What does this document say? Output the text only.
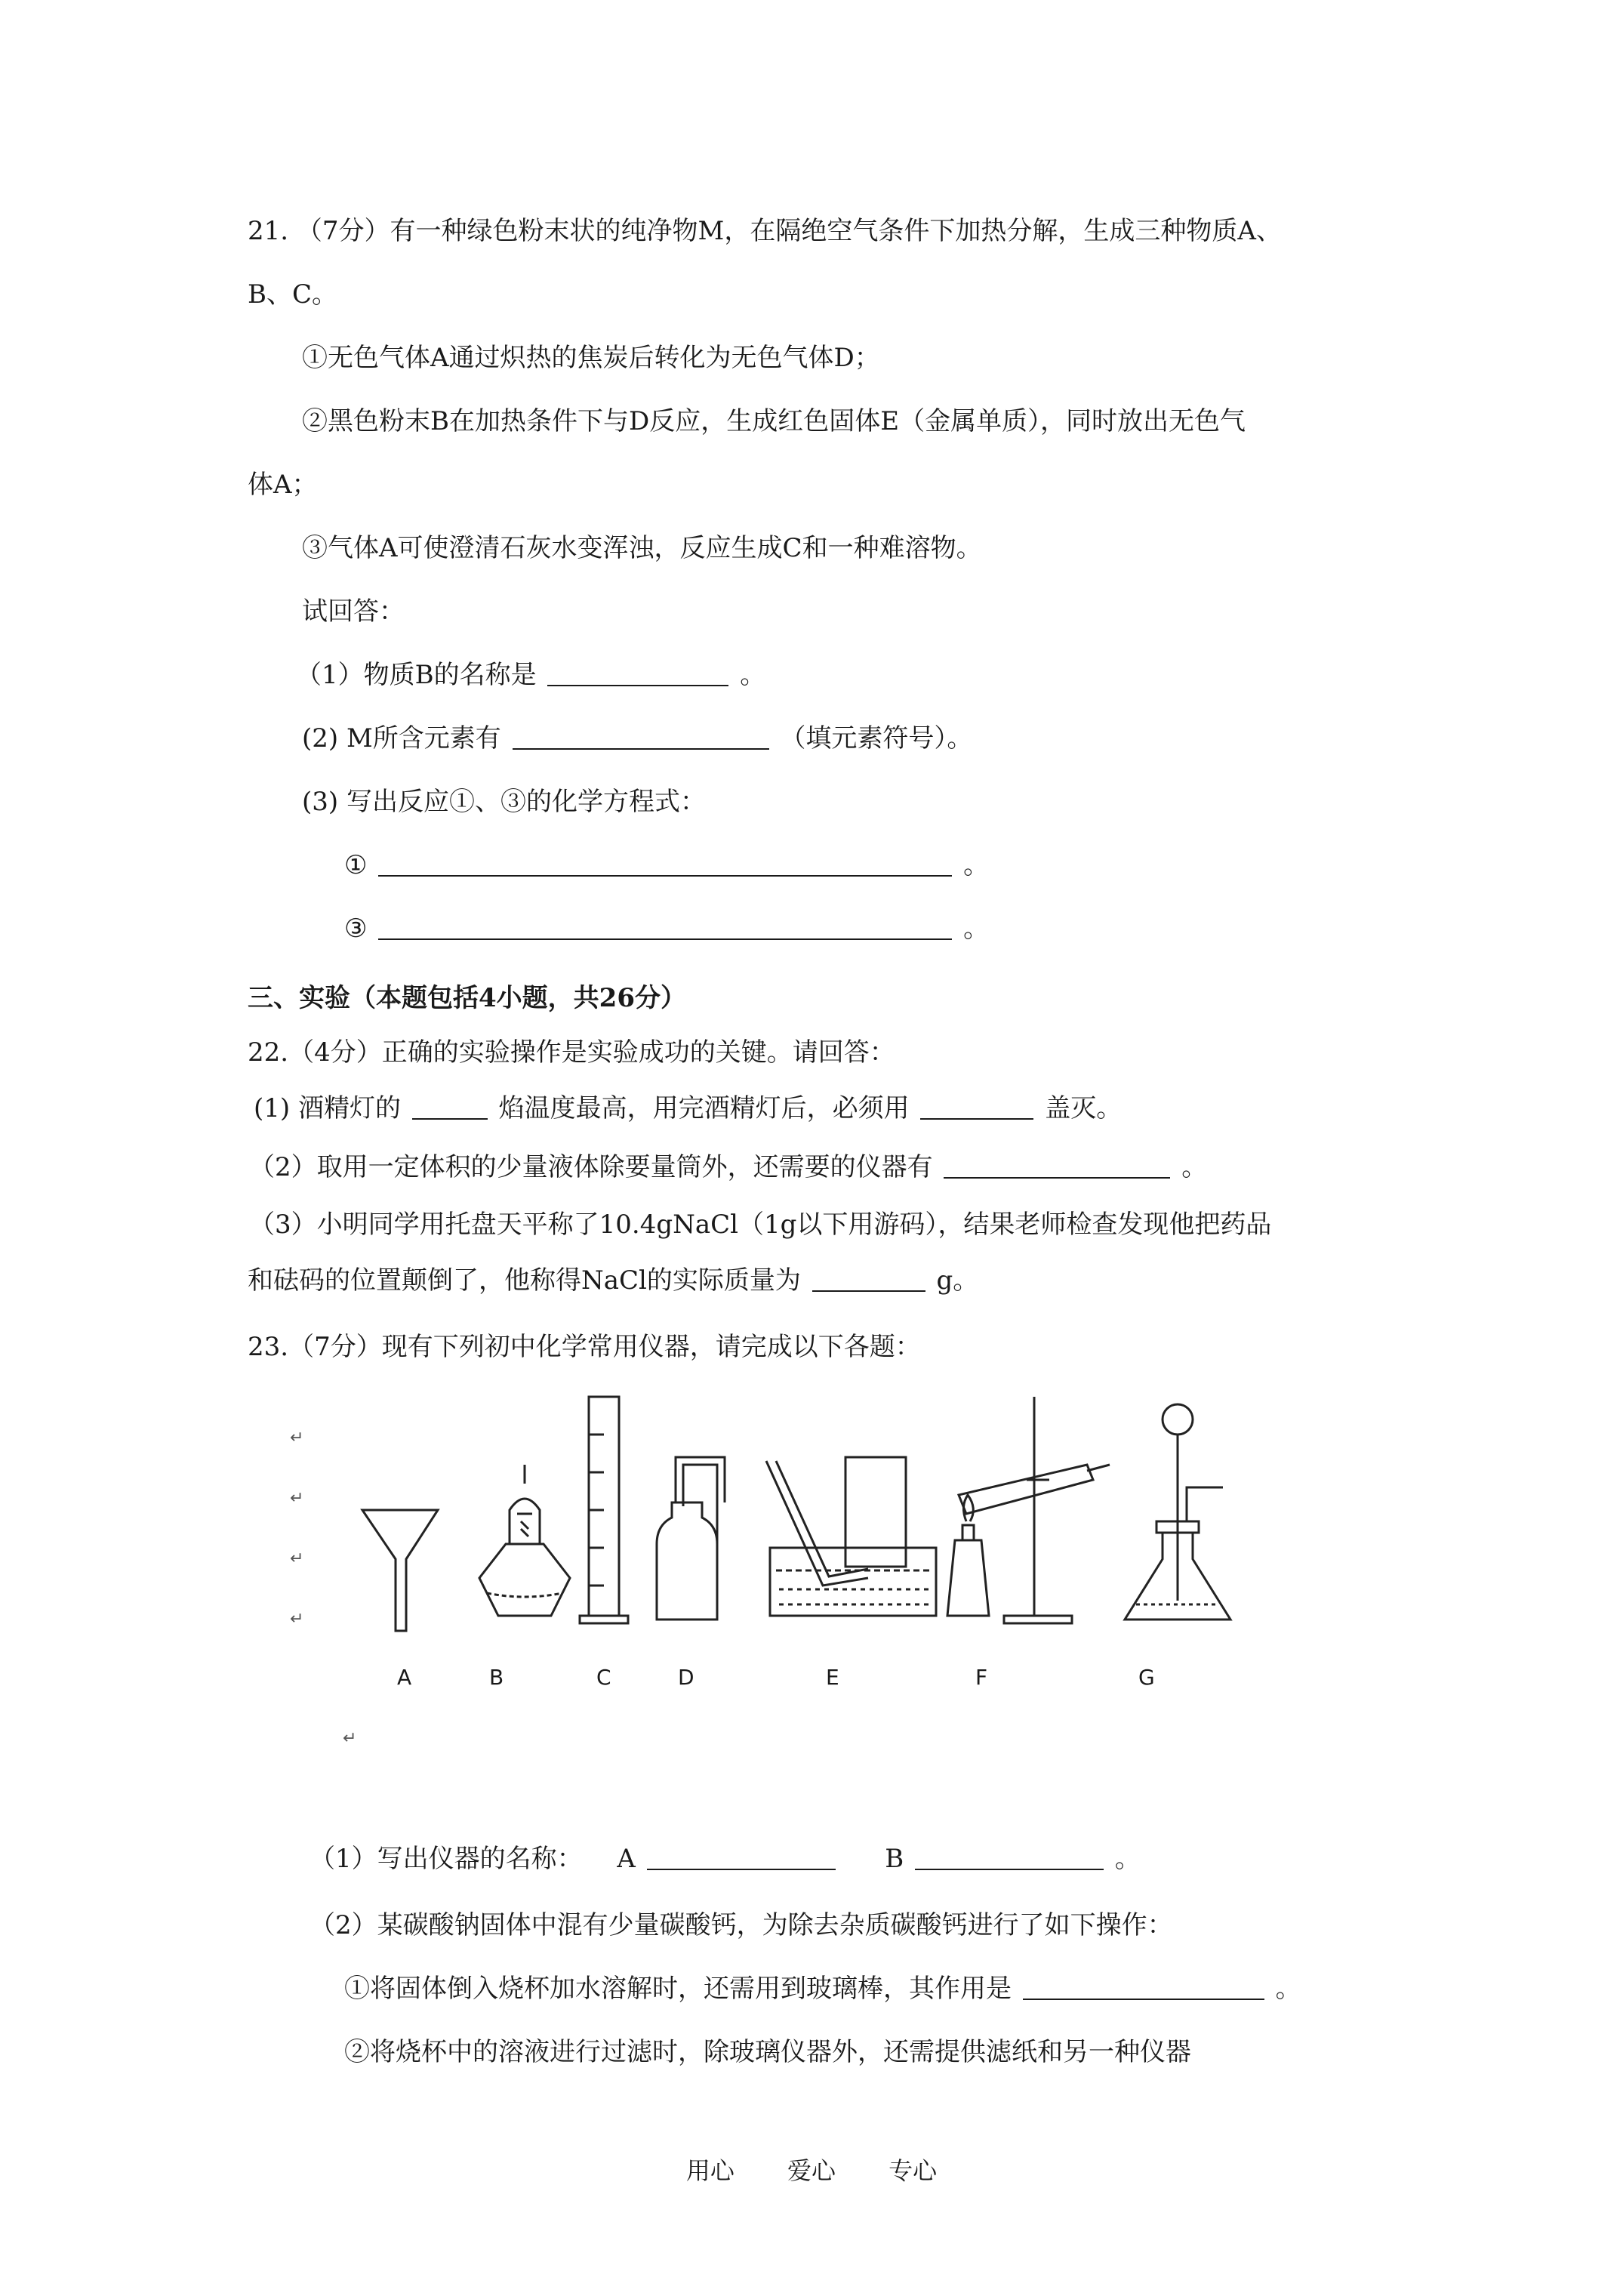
21. （7分）有一种绿色粉末状的纯净物M，在隔绝空气条件下加热分解，生成三种物质A、
B、C。
①无色气体A通过炽热的焦炭后转化为无色气体D；
②黑色粉末B在加热条件下与D反应，生成红色固体E（金属单质），同时放出无色气
体A；
③气体A可使澄清石灰水变浑浊，反应生成C和一种难溶物。
试回答：
（1）物质B的名称是	。
(2) M所含元素有	（填元素符号）。
(3) 写出反应①、③的化学方程式：
①	。
③	。
三、实验（本题包括4小题，共26分）
22.（4分）正确的实验操作是实验成功的关键。请回答：
(1) 酒精灯的	焰温度最高，用完酒精灯后，必须用	盖灭。
（2）取用一定体积的少量液体除要量筒外，还需要的仪器有	。
（3）小明同学用托盘天平称了10.4gNaCl（1g以下用游码），结果老师检查发现他把药品
和砝码的位置颠倒了，他称得NaCl的实际质量为	g。
23.（7分）现有下列初中化学常用仪器，请完成以下各题：
↵
↵
↵
↵
↵
A	B	C	D	E	F	G
（1）写出仪器的名称： A	B	。
（2）某碳酸钠固体中混有少量碳酸钙，为除去杂质碳酸钙进行了如下操作：
①将固体倒入烧杯加水溶解时，还需用到玻璃棒，其作用是	。
②将烧杯中的溶液进行过滤时，除玻璃仪器外，还需提供滤纸和另一种仪器
用心 爱心 专心
